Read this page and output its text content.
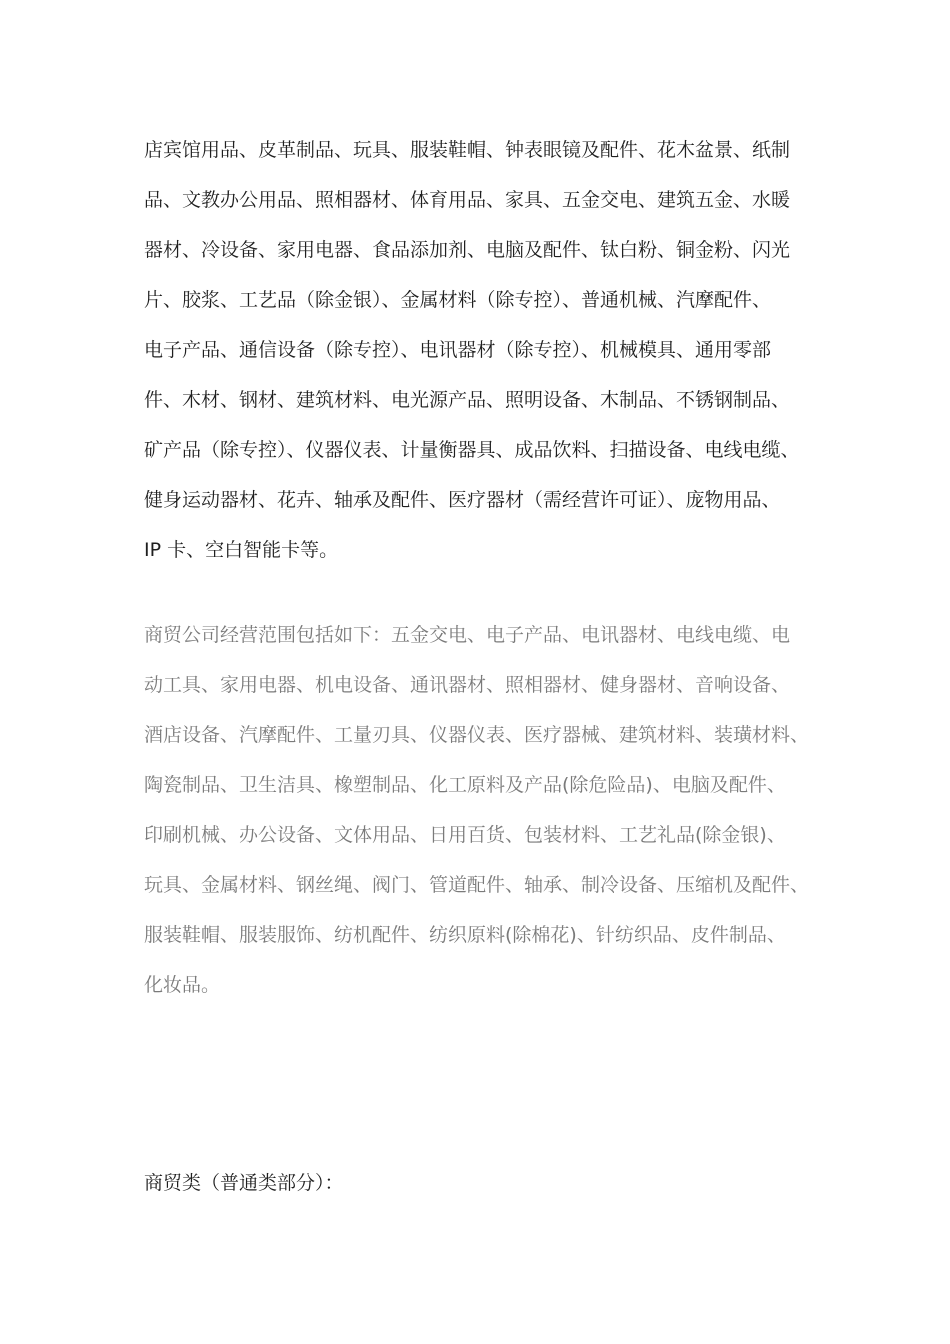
店宾馆用品、皮革制品、玩具、服装鞋帽、钟表眼镜及配件、花木盆景、纸制
品、文教办公用品、照相器材、体育用品、家具、五金交电、建筑五金、水暖
器材、冷设备、家用电器、食品添加剂、电脑及配件、钛白粉、铜金粉、闪光
片、胶浆、工艺品（除金银）、金属材料（除专控）、普通机械、汽摩配件、
电子产品、通信设备（除专控）、电讯器材（除专控）、机械模具、通用零部
件、木材、钢材、建筑材料、电光源产品、照明设备、木制品、不锈钢制品、
矿产品（除专控）、仪器仪表、计量衡器具、成品饮料、扫描设备、电线电缆、
健身运动器材、花卉、轴承及配件、医疗器材（需经营许可证）、庞物用品、
IP 卡、空白智能卡等。
商贸公司经营范围包括如下：五金交电、电子产品、电讯器材、电线电缆、电
动工具、家用电器、机电设备、通讯器材、照相器材、健身器材、音响设备、
酒店设备、汽摩配件、工量刃具、仪器仪表、医疗器械、建筑材料、装璜材料、
陶瓷制品、卫生洁具、橡塑制品、化工原料及产品(除危险品)、电脑及配件、
印刷机械、办公设备、文体用品、日用百货、包装材料、工艺礼品(除金银)、
玩具、金属材料、钢丝绳、阀门、管道配件、轴承、制冷设备、压缩机及配件、
服装鞋帽、服装服饰、纺机配件、纺织原料(除棉花)、针纺织品、皮件制品、
化妆品。
商贸类（普通类部分）：
